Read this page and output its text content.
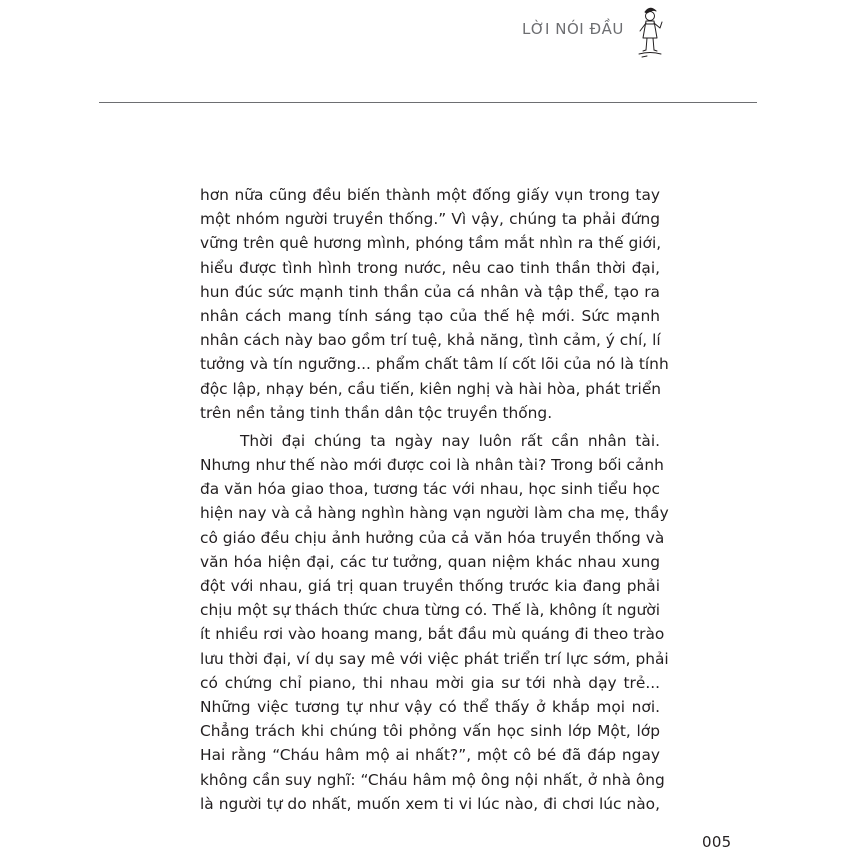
LỜI NÓI ĐẦU
hơn nữa cũng đều biến thành một đống giấy vụn trong tay
một nhóm người truyền thống.” Vì vậy, chúng ta phải đứng
vững trên quê hương mình, phóng tầm mắt nhìn ra thế giới,
hiểu được tình hình trong nước, nêu cao tinh thần thời đại,
hun đúc sức mạnh tinh thần của cá nhân và tập thể, tạo ra
nhân cách mang tính sáng tạo của thế hệ mới. Sức mạnh
nhân cách này bao gồm trí tuệ, khả năng, tình cảm, ý chí, lí
tưởng và tín ngưỡng... phẩm chất tâm lí cốt lõi của nó là tính
độc lập, nhạy bén, cầu tiến, kiên nghị và hài hòa, phát triển
trên nền tảng tinh thần dân tộc truyền thống.
Thời đại chúng ta ngày nay luôn rất cần nhân tài.
Nhưng như thế nào mới được coi là nhân tài? Trong bối cảnh
đa văn hóa giao thoa, tương tác với nhau, học sinh tiểu học
hiện nay và cả hàng nghìn hàng vạn người làm cha mẹ, thầy
cô giáo đều chịu ảnh hưởng của cả văn hóa truyền thống và
văn hóa hiện đại, các tư tưởng, quan niệm khác nhau xung
đột với nhau, giá trị quan truyền thống trước kia đang phải
chịu một sự thách thức chưa từng có. Thế là, không ít người
ít nhiều rơi vào hoang mang, bắt đầu mù quáng đi theo trào
lưu thời đại, ví dụ say mê với việc phát triển trí lực sớm, phải
có chứng chỉ piano, thi nhau mời gia sư tới nhà dạy trẻ...
Những việc tương tự như vậy có thể thấy ở khắp mọi nơi.
Chẳng trách khi chúng tôi phỏng vấn học sinh lớp Một, lớp
Hai rằng “Cháu hâm mộ ai nhất?”, một cô bé đã đáp ngay
không cần suy nghĩ: “Cháu hâm mộ ông nội nhất, ở nhà ông
là người tự do nhất, muốn xem ti vi lúc nào, đi chơi lúc nào,
005
